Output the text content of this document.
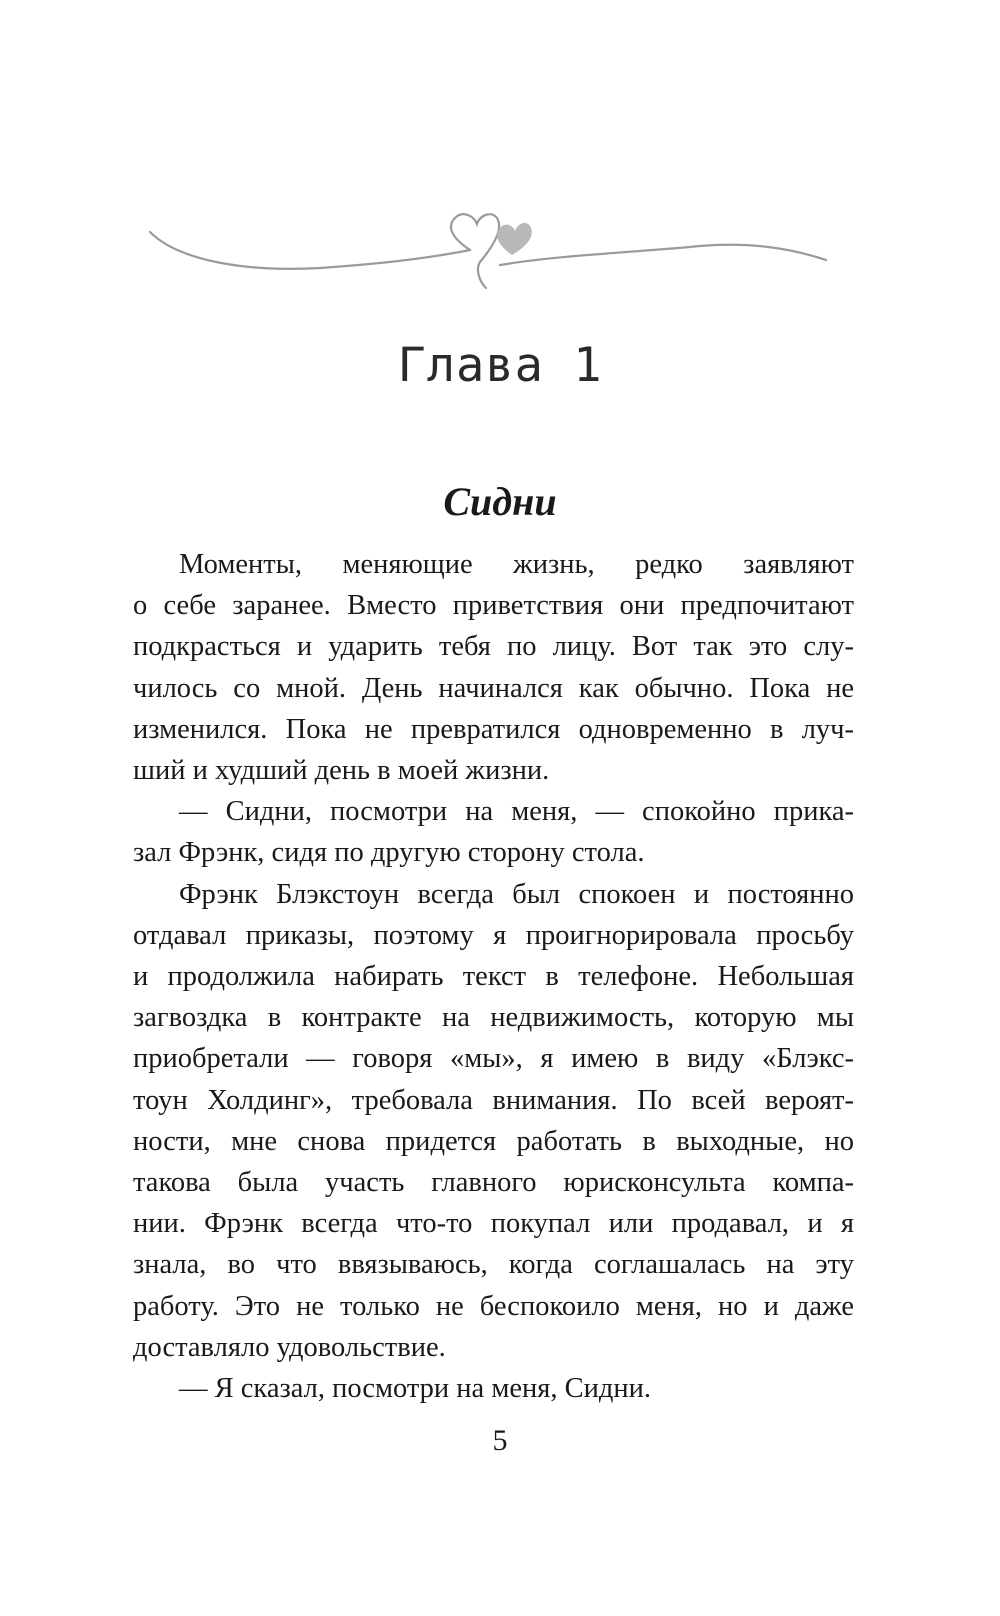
Глава 1
Сидни

Моменты, меняющие жизнь, редко заявляют
о себе заранее. Вместо приветствия они предпочитают
подкрасться и ударить тебя по лицу. Вот так это слу-
чилось со мной. День начинался как обычно. Пока не
изменился. Пока не превратился одновременно в луч-
ший и худший день в моей жизни.

— Сидни, посмотри на меня, — спокойно прика-
зал Фрэнк, сидя по другую сторону стола.

Фрэнк Блэкстоун всегда был спокоен и постоянно
отдавал приказы, поэтому я проигнорировала просьбу
и продолжила набирать текст в телефоне. Небольшая
загвоздка в контракте на недвижимость, которую мы
приобретали — говоря «мы», я имею в виду «Блэкс-
тоун Холдинг», требовала внимания. По всей вероят-
ности, мне снова придется работать в выходные, но
такова была участь главного юрисконсульта компа-
нии. Фрэнк всегда что-то покупал или продавал, и я
знала, во что ввязываюсь, когда соглашалась на эту
работу. Это не только не беспокоило меня, но и даже
доставляло удовольствие.

— Я сказал, посмотри на меня, Сидни.

5
